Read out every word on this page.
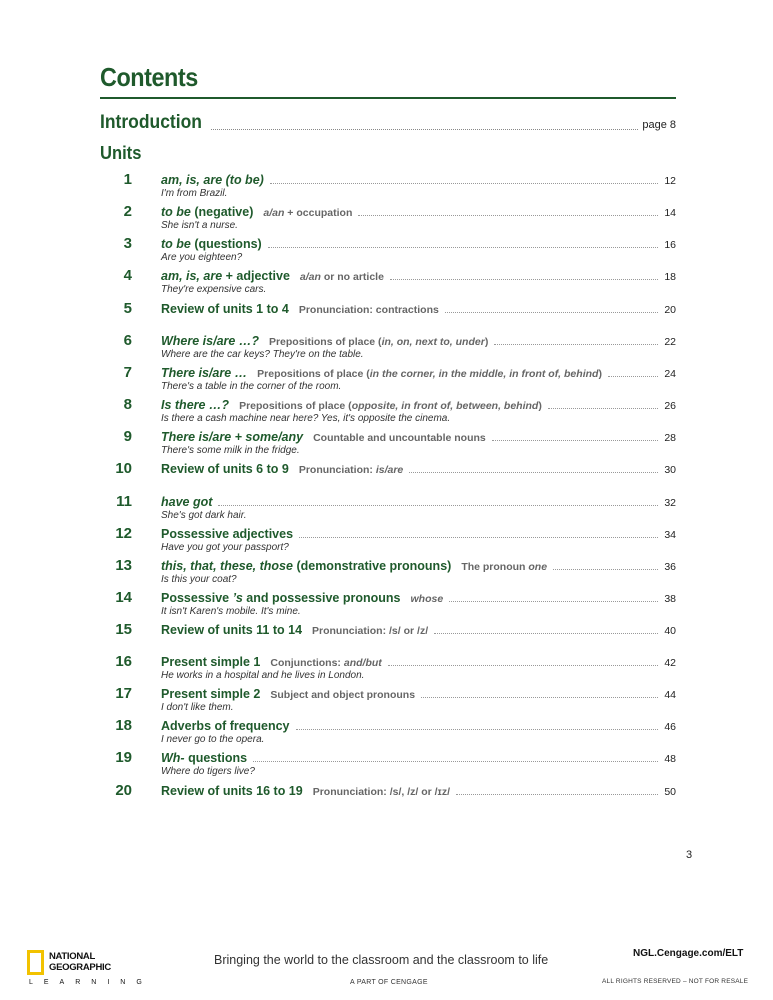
Contents
Introduction	page 8
Units
1 am, is, are (to be)	12
I'm from Brazil.
2 to be (negative) a/an + occupation	14
She isn't a nurse.
3 to be (questions)	16
Are you eighteen?
4 am, is, are + adjective a/an or no article	18
They're expensive cars.
5 Review of units 1 to 4 Pronunciation: contractions	20
6 Where is/are …? Prepositions of place (in, on, next to, under)	22
Where are the car keys? They're on the table.
7 There is/are … Prepositions of place (in the corner, in the middle, in front of, behind)	24
There's a table in the corner of the room.
8 Is there …? Prepositions of place (opposite, in front of, between, behind)	26
Is there a cash machine near here? Yes, it's opposite the cinema.
9 There is/are + some/any Countable and uncountable nouns	28
There's some milk in the fridge.
10 Review of units 6 to 9 Pronunciation: is/are	30
11 have got	32
She's got dark hair.
12 Possessive adjectives	34
Have you got your passport?
13 this, that, these, those (demonstrative pronouns) The pronoun one	36
Is this your coat?
14 Possessive ’s and possessive pronouns whose	38
It isn't Karen's mobile. It's mine.
15 Review of units 11 to 14 Pronunciation: /s/ or /z/	40
16 Present simple 1 Conjunctions: and/but	42
He works in a hospital and he lives in London.
17 Present simple 2 Subject and object pronouns	44
I don't like them.
18 Adverbs of frequency	46
I never go to the opera.
19 Wh- questions	48
Where do tigers live?
20 Review of units 16 to 19 Pronunciation: /s/, /z/ or /ɪz/	50
3
NATIONAL
GEOGRAPHIC
LEARNING
Bringing the world to the classroom and the classroom to life
A PART OF CENGAGE
NGL.Cengage.com/ELT
ALL RIGHTS RESERVED – NOT FOR RESALE
